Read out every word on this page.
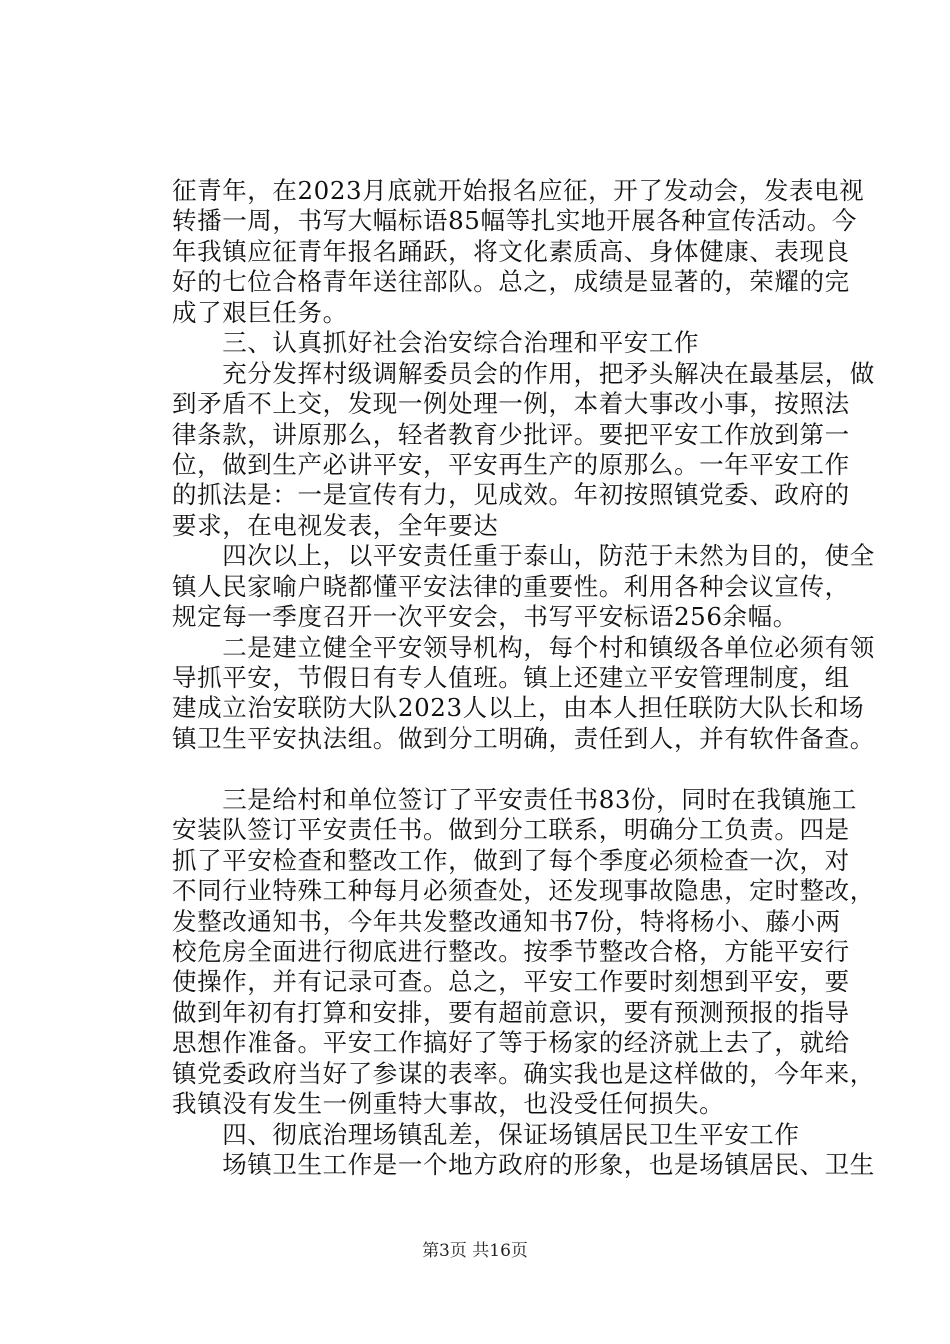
征青年，在2023月底就开始报名应征，开了发动会，发表电视
转播一周，书写大幅标语85幅等扎实地开展各种宣传活动。今
年我镇应征青年报名踊跃，将文化素质高、身体健康、表现良
好的七位合格青年送往部队。总之，成绩是显著的，荣耀的完
成了艰巨任务。
　　三、认真抓好社会治安综合治理和平安工作
　　充分发挥村级调解委员会的作用，把矛头解决在最基层，做
到矛盾不上交，发现一例处理一例，本着大事改小事，按照法
律条款，讲原那么，轻者教育少批评。要把平安工作放到第一
位，做到生产必讲平安，平安再生产的原那么。一年平安工作
的抓法是：一是宣传有力，见成效。年初按照镇党委、政府的
要求，在电视发表，全年要达
　　四次以上，以平安责任重于泰山，防范于未然为目的，使全
镇人民家喻户晓都懂平安法律的重要性。利用各种会议宣传，
规定每一季度召开一次平安会，书写平安标语256余幅。
　　二是建立健全平安领导机构，每个村和镇级各单位必须有领
导抓平安，节假日有专人值班。镇上还建立平安管理制度，组
建成立治安联防大队2023人以上，由本人担任联防大队长和场
镇卫生平安执法组。做到分工明确，责任到人，并有软件备查。
　　三是给村和单位签订了平安责任书83份，同时在我镇施工
安装队签订平安责任书。做到分工联系，明确分工负责。四是
抓了平安检查和整改工作，做到了每个季度必须检查一次，对
不同行业特殊工种每月必须查处，还发现事故隐患，定时整改，
发整改通知书，今年共发整改通知书7份，特将杨小、藤小两
校危房全面进行彻底进行整改。按季节整改合格，方能平安行
使操作，并有记录可查。总之，平安工作要时刻想到平安，要
做到年初有打算和安排，要有超前意识，要有预测预报的指导
思想作准备。平安工作搞好了等于杨家的经济就上去了，就给
镇党委政府当好了参谋的表率。确实我也是这样做的，今年来，
我镇没有发生一例重特大事故，也没受任何损失。
　　四、彻底治理场镇乱差，保证场镇居民卫生平安工作
　　场镇卫生工作是一个地方政府的形象，也是场镇居民、卫生
第3页 共16页
